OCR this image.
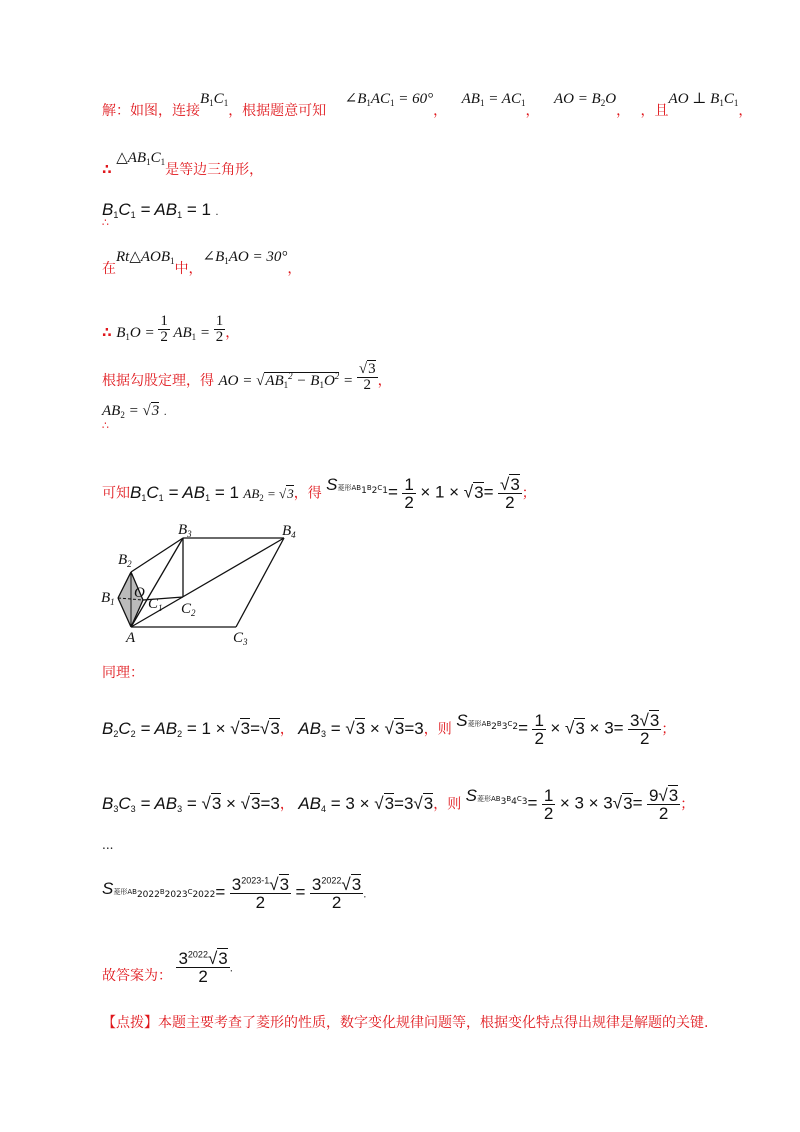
解：如图，连接$B_1C_1$，根据题意可知 $\angle B_1AC_1 = 60^\circ$， $AB_1 = AC_1$， AO = $B_2O$， ，且AO ⊥ $B_1C_1$，
∴ $\triangle AB_1C_1$是等边三角形，
$B_1C_1 = AB_1 = 1$
∴
.
在$Rt\triangle AOB_1$中，$\angle B_1AO = 30^\circ$，
∴ $B_1O = \frac{1}{2} AB_1 = \frac{1}{2}$ ，
根据勾股定理，得 AO = $√AB_1^2 - B_1O^2 = \frac{√3}{2}$ ，
$AB_2 = √3$
∴
.
可知$B_1C_1 = AB_1 = 1$ $AB_2 = √3$，得 S菱形$AB_1B_2C_1= \frac{1}{2} \times 1 \times √3= \frac{√3}{2}$ ；
$B_2$
$B_1$
O
$C_1$
A
$B_3$
$C_2$
$B_4$
$C_3$
同理：
$B_2C_2 = AB_2 = 1 \times √3=√3$， $AB_3 = √3 \times √3=3$，则 S菱形$AB_2B_3C_2= \frac{1}{2} \times √3 \times 3= \frac{3√3}{2}$ ；
$B_3C_3 = AB_3 = √3 \times √3=3$， $AB_4 = 3 \times √3=3√3$，则 S菱形$AB_3B_4C_3= \frac{1}{2} \times 3 \times 3√3= \frac{9√3}{2}$ ；
...
S菱形$AB_{2022}B_{2023}C_{2022}= \frac{3^{2023-1}√3}{2} = \frac{3^{2022}√3}{2}$ .
故答案为： $\frac{3^{2022}√3}{2}$ .
【点拨】本题主要考查了菱形的性质，数字变化规律问题等，根据变化特点得出规律是解题的关键.
